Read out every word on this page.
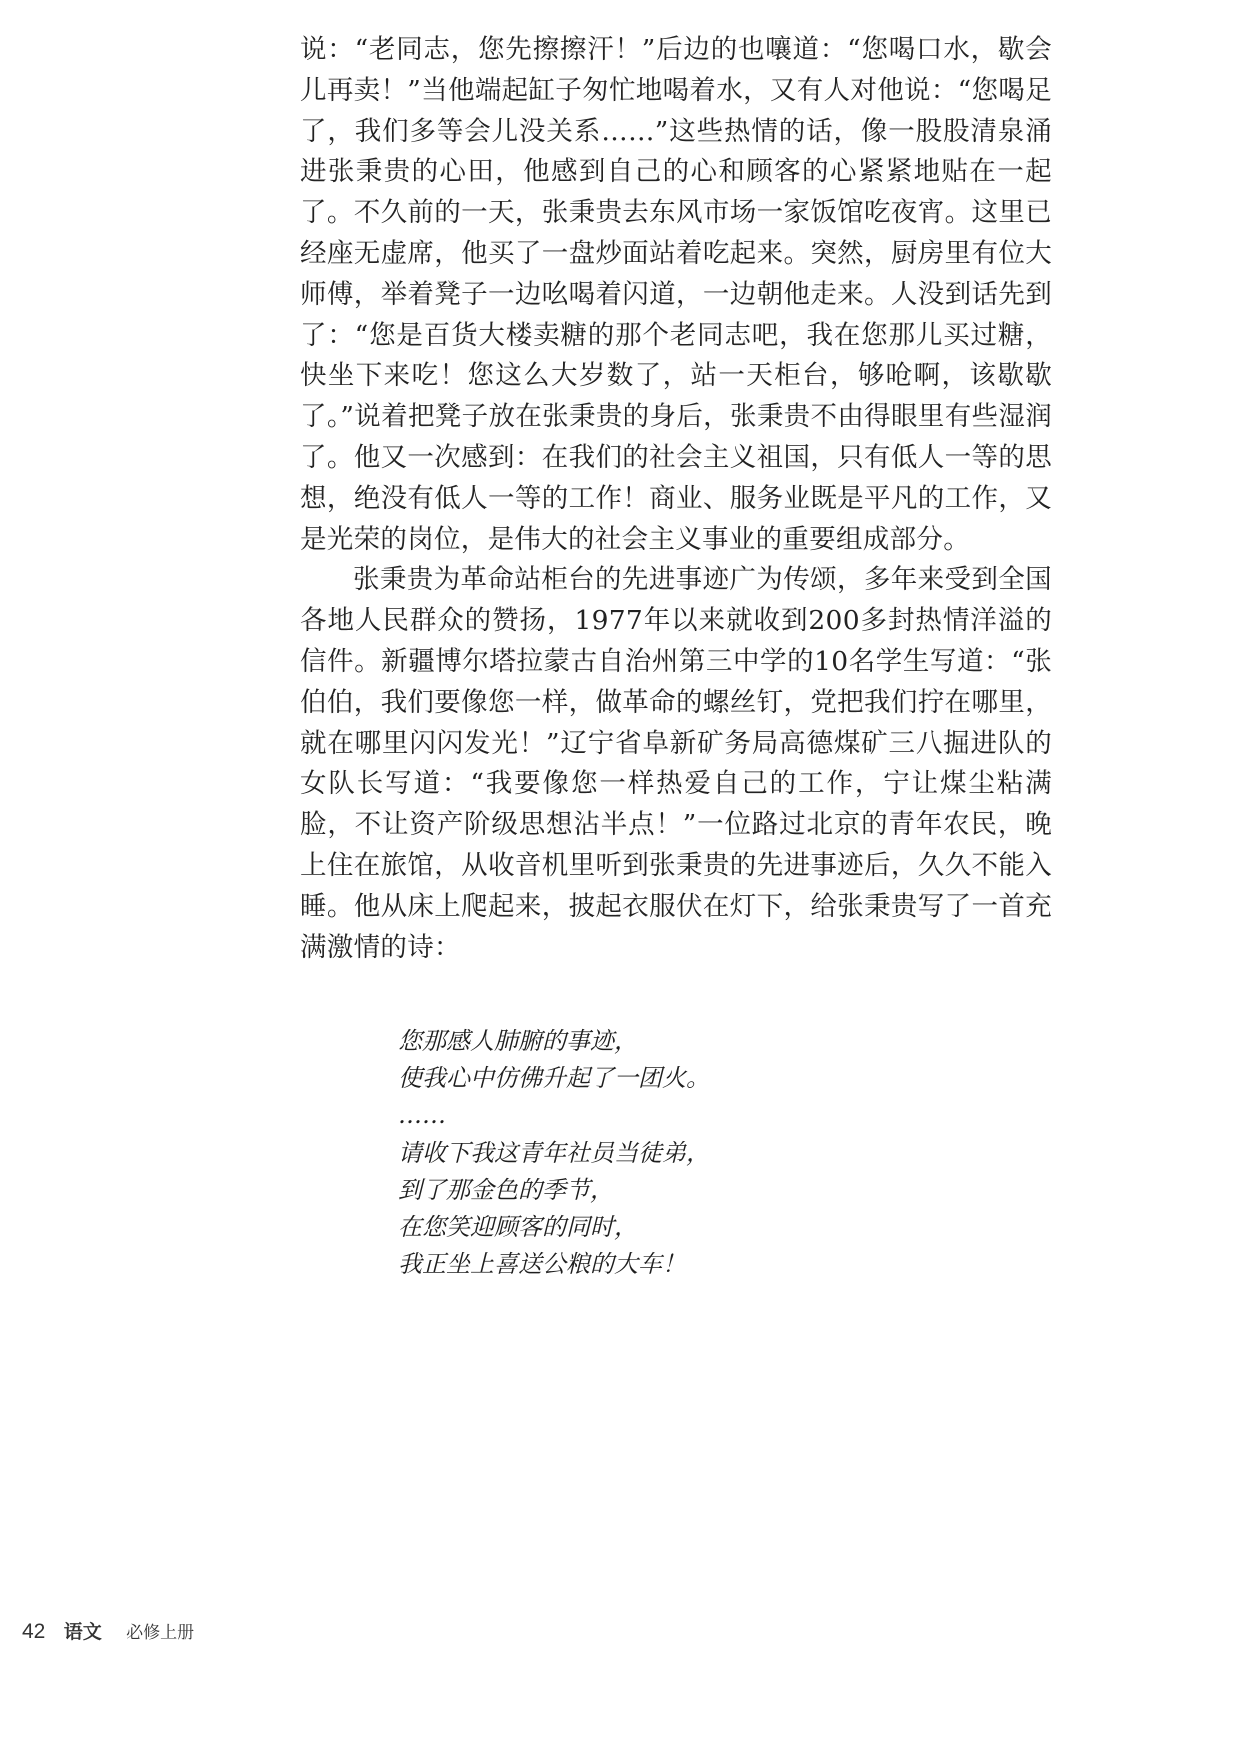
说：“老同志，您先擦擦汗！”后边的也嚷道：“您喝口水，歇会儿再卖！”当他端起缸子匆忙地喝着水，又有人对他说：“您喝足了，我们多等会儿没关系……”这些热情的话，像一股股清泉涌进张秉贵的心田，他感到自己的心和顾客的心紧紧地贴在一起了。不久前的一天，张秉贵去东风市场一家饭馆吃夜宵。这里已经座无虚席，他买了一盘炒面站着吃起来。突然，厨房里有位大师傅，举着凳子一边吆喝着闪道，一边朝他走来。人没到话先到了：“您是百货大楼卖糖的那个老同志吧，我在您那儿买过糖，快坐下来吃！您这么大岁数了，站一天柜台，够呛啊，该歇歇了。”说着把凳子放在张秉贵的身后，张秉贵不由得眼里有些湿润了。他又一次感到：在我们的社会主义祖国，只有低人一等的思想，绝没有低人一等的工作！商业、服务业既是平凡的工作，又是光荣的岗位，是伟大的社会主义事业的重要组成部分。

张秉贵为革命站柜台的先进事迹广为传颂，多年来受到全国各地人民群众的赞扬，1977年以来就收到200多封热情洋溢的信件。新疆博尔塔拉蒙古自治州第三中学的10名学生写道：“张伯伯，我们要像您一样，做革命的螺丝钉，党把我们拧在哪里，就在哪里闪闪发光！”辽宁省阜新矿务局高德煤矿三八掘进队的女队长写道：“我要像您一样热爱自己的工作，宁让煤尘粘满脸，不让资产阶级思想沾半点！”一位路过北京的青年农民，晚上住在旅馆，从收音机里听到张秉贵的先进事迹后，久久不能入睡。他从床上爬起来，披起衣服伏在灯下，给张秉贵写了一首充满激情的诗：

您那感人肺腑的事迹，
使我心中仿佛升起了一团火。
……
请收下我这青年社员当徒弟，
到了那金色的季节，
在您笑迎顾客的同时，
我正坐上喜送公粮的大车！
42 语文 必修上册
